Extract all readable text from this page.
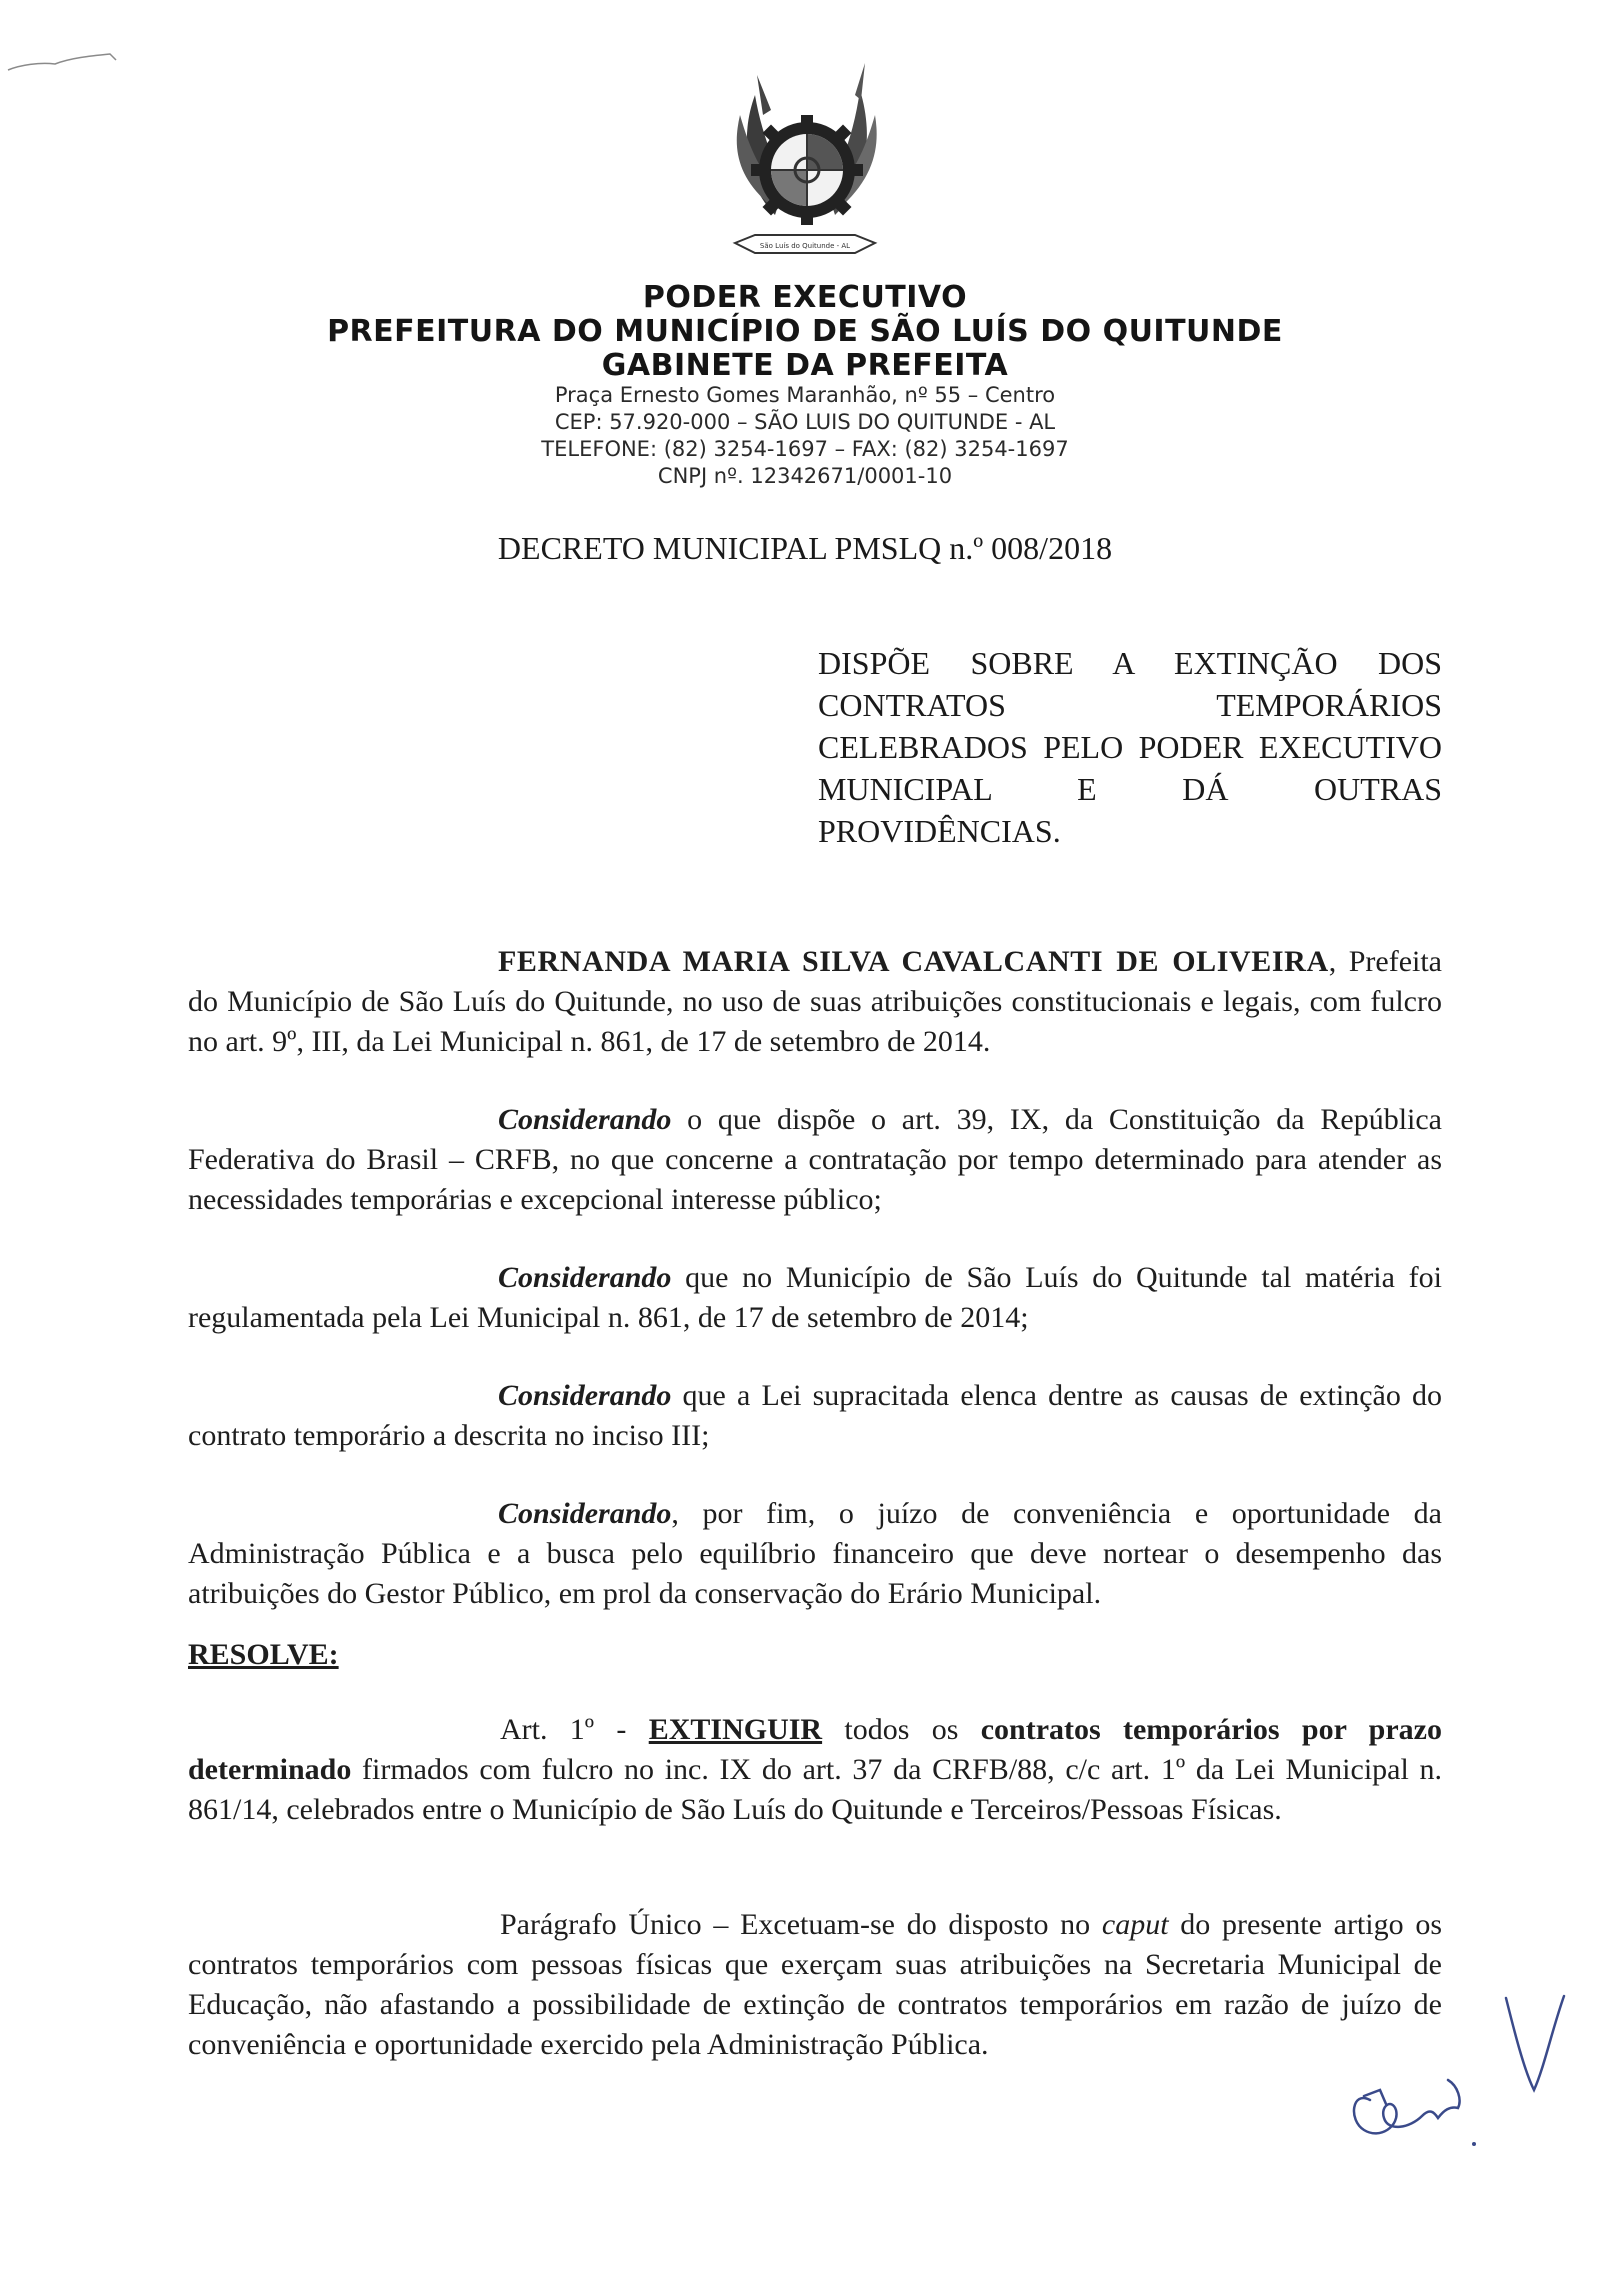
São Luís do Quitunde - AL
PODER EXECUTIVO
PREFEITURA DO MUNICÍPIO DE SÃO LUÍS DO QUITUNDE
GABINETE DA PREFEITA
Praça Ernesto Gomes Maranhão, nº 55 – Centro
CEP: 57.920-000 – SÃO LUIS DO QUITUNDE - AL
TELEFONE: (82) 3254-1697 – FAX: (82) 3254-1697
CNPJ nº. 12342671/0001-10
DECRETO MUNICIPAL PMSLQ n.º 008/2018
DISPÕE SOBRE A EXTINÇÃO DOS CONTRATOS TEMPORÁRIOS CELEBRADOS PELO PODER EXECUTIVO MUNICIPAL E DÁ OUTRAS PROVIDÊNCIAS.
FERNANDA MARIA SILVA CAVALCANTI DE OLIVEIRA, Prefeita do Município de São Luís do Quitunde, no uso de suas atribuições constitucionais e legais, com fulcro no art. 9º, III, da Lei Municipal n. 861, de 17 de setembro de 2014.
Considerando o que dispõe o art. 39, IX, da Constituição da República Federativa do Brasil – CRFB, no que concerne a contratação por tempo determinado para atender as necessidades temporárias e excepcional interesse público;
Considerando que no Município de São Luís do Quitunde tal matéria foi regulamentada pela Lei Municipal n. 861, de 17 de setembro de 2014;
Considerando que a Lei supracitada elenca dentre as causas de extinção do contrato temporário a descrita no inciso III;
Considerando, por fim, o juízo de conveniência e oportunidade da Administração Pública e a busca pelo equilíbrio financeiro que deve nortear o desempenho das atribuições do Gestor Público, em prol da conservação do Erário Municipal.
RESOLVE:
Art. 1º - EXTINGUIR todos os contratos temporários por prazo determinado firmados com fulcro no inc. IX do art. 37 da CRFB/88, c/c art. 1º da Lei Municipal n. 861/14, celebrados entre o Município de São Luís do Quitunde e Terceiros/Pessoas Físicas.
Parágrafo Único – Excetuam-se do disposto no caput do presente artigo os contratos temporários com pessoas físicas que exerçam suas atribuições na Secretaria Municipal de Educação, não afastando a possibilidade de extinção de contratos temporários em razão de juízo de conveniência e oportunidade exercido pela Administração Pública.
